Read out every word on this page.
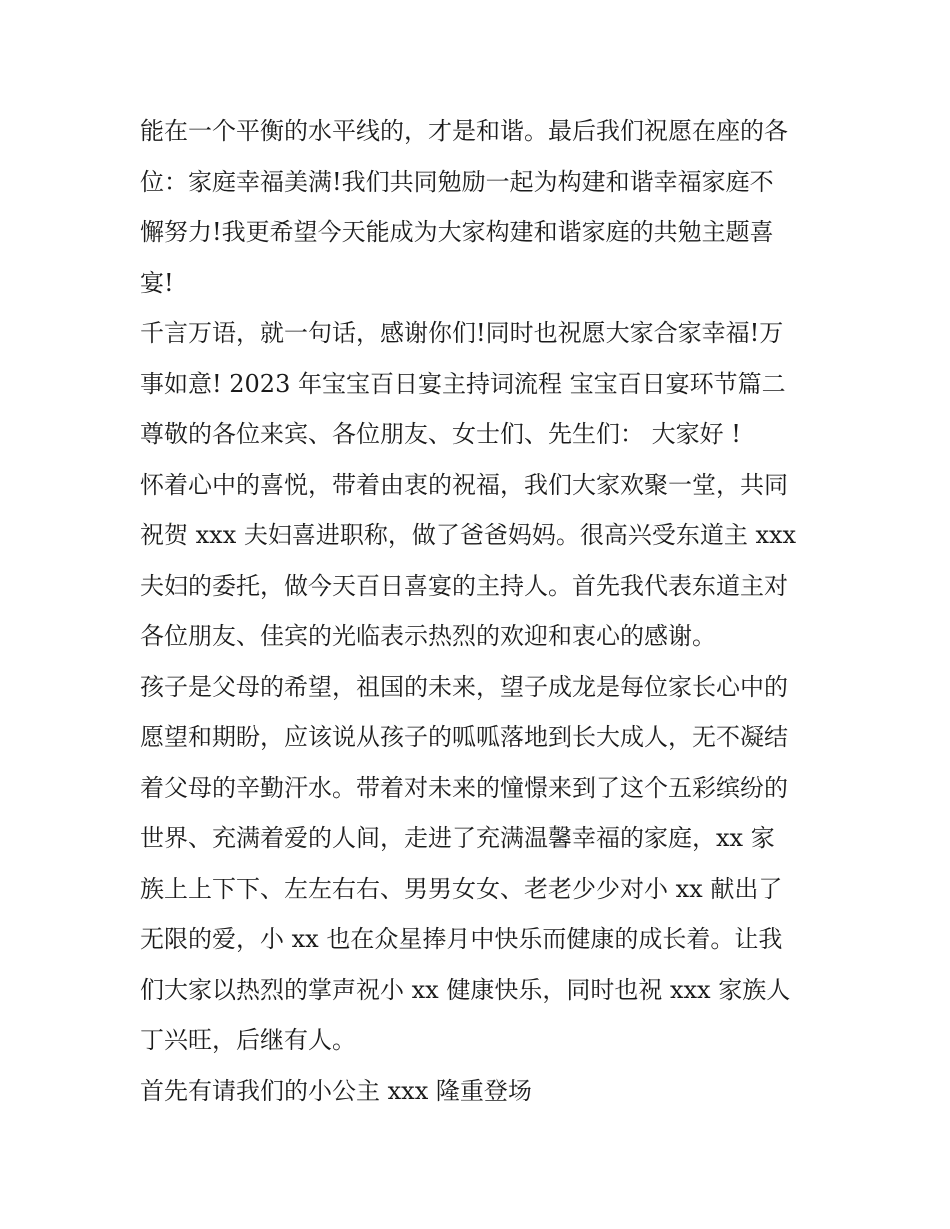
能在一个平衡的水平线的，才是和谐。最后我们祝愿在座的各
位：家庭幸福美满!我们共同勉励一起为构建和谐幸福家庭不
懈努力!我更希望今天能成为大家构建和谐家庭的共勉主题喜
宴!

千言万语，就一句话，感谢你们!同时也祝愿大家合家幸福!万
事如意! 2023 年宝宝百日宴主持词流程 宝宝百日宴环节篇二

尊敬的各位来宾、各位朋友、女士们、先生们： 大家好 !

怀着心中的喜悦，带着由衷的祝福，我们大家欢聚一堂，共同
祝贺 xxx 夫妇喜进职称，做了爸爸妈妈。很高兴受东道主 xxx
夫妇的委托，做今天百日喜宴的主持人。首先我代表东道主对
各位朋友、佳宾的光临表示热烈的欢迎和衷心的感谢。

孩子是父母的希望，祖国的未来，望子成龙是每位家长心中的
愿望和期盼，应该说从孩子的呱呱落地到长大成人，无不凝结
着父母的辛勤汗水。带着对未来的憧憬来到了这个五彩缤纷的
世界、充满着爱的人间，走进了充满温馨幸福的家庭，xx 家
族上上下下、左左右右、男男女女、老老少少对小 xx 献出了
无限的爱，小 xx 也在众星捧月中快乐而健康的成长着。让我
们大家以热烈的掌声祝小 xx 健康快乐，同时也祝 xxx 家族人
丁兴旺，后继有人。

首先有请我们的小公主 xxx 隆重登场
